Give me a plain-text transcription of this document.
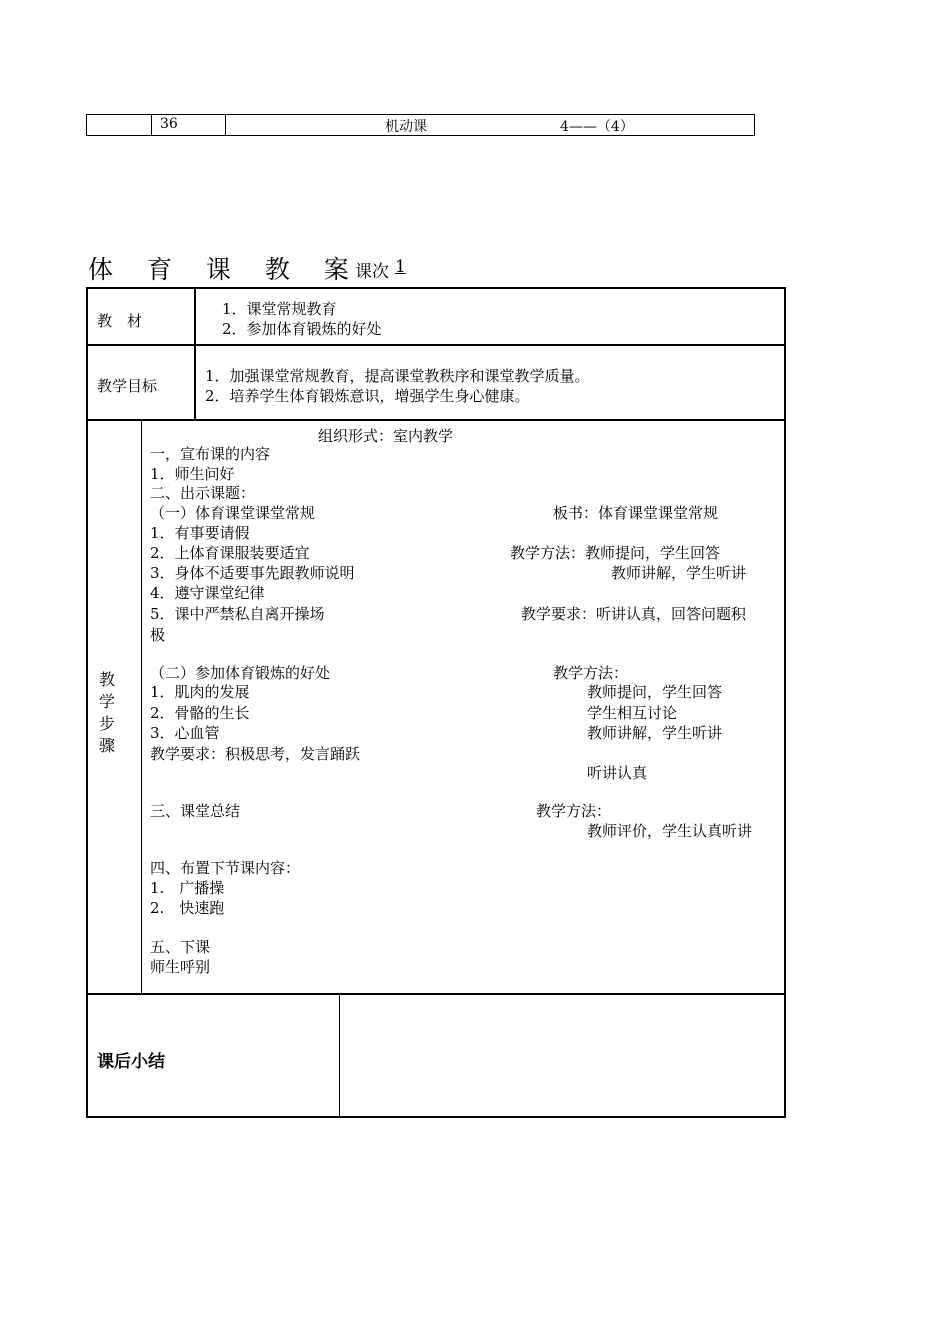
36	机动课	4——（4）
体 育 课 教 案
课次 1
教　材
1．课堂常规教育
2．参加体育锻炼的好处
教学目标
1．加强课堂常规教育，提高课堂教秩序和课堂教学质量。
2．培养学生体育锻炼意识，增强学生身心健康。
教学步骤
组织形式：室内教学
一，宣布课的内容
1．师生问好
二、出示课题：
（一）体育课堂课堂常规
1．有事要请假
2．上体育课服装要适宜
3．身体不适要事先跟教师说明
4．遵守课堂纪律
5．课中严禁私自离开操场
极
（二）参加体育锻炼的好处
1．肌肉的发展
2．骨骼的生长
3．心血管
教学要求：积极思考，发言踊跃
三、课堂总结
四、布置下节课内容：
1.　广播操
2.　快速跑
五、下课
师生呼别
板书：体育课堂课堂常规
教学方法：教师提问，学生回答
教师讲解，学生听讲
教学要求：听讲认真，回答问题积
教学方法：
教师提问，学生回答
学生相互讨论
教师讲解，学生听讲
听讲认真
教学方法：
教师评价，学生认真听讲
课后小结
